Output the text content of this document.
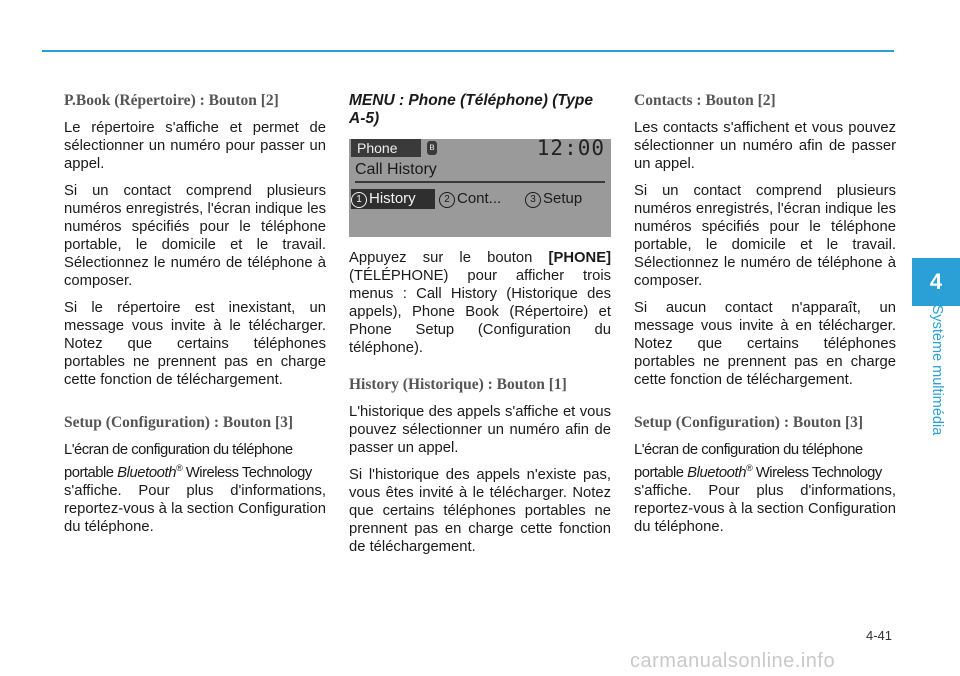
P.Book (Répertoire) : Bouton [2]
Le répertoire s'affiche et permet de sélectionner un numéro pour passer un appel.
Si un contact comprend plusieurs numéros enregistrés, l'écran indique les numéros spécifiés pour le téléphone portable, le domicile et le travail. Sélectionnez le numéro de téléphone à composer.
Si le répertoire est inexistant, un message vous invite à le télécharger. Notez que certains téléphones portables ne prennent pas en charge cette fonction de téléchargement.
Setup (Configuration) : Bouton [3]
L'écran de configuration du téléphone
portable Bluetooth® Wireless Technology
s'affiche. Pour plus d'informations, reportez-vous à la section Configuration du téléphone.
MENU : Phone (Téléphone) (Type A-5)
Phone	ʙ	12:00
Call History
1 History	2 Cont...	3 Setup
Appuyez sur le bouton [PHONE] (TÉLÉPHONE) pour afficher trois menus : Call History (Historique des appels), Phone Book (Répertoire) et Phone Setup (Configuration du téléphone).
History (Historique) : Bouton [1]
L'historique des appels s'affiche et vous pouvez sélectionner un numéro afin de passer un appel.
Si l'historique des appels n'existe pas, vous êtes invité à le télécharger. Notez que certains téléphones portables ne prennent pas en charge cette fonction de téléchargement.
Contacts : Bouton [2]
Les contacts s'affichent et vous pouvez sélectionner un numéro afin de passer un appel.
Si un contact comprend plusieurs numéros enregistrés, l'écran indique les numéros spécifiés pour le téléphone portable, le domicile et le travail. Sélectionnez le numéro de téléphone à composer.
Si aucun contact n'apparaît, un message vous invite à en télécharger. Notez que certains téléphones portables ne prennent pas en charge cette fonction de téléchargement.
Setup (Configuration) : Bouton [3]
L'écran de configuration du téléphone
portable Bluetooth® Wireless Technology
s'affiche. Pour plus d'informations, reportez-vous à la section Configuration du téléphone.
4
Système multimédia
4-41
carmanualsonline.info
